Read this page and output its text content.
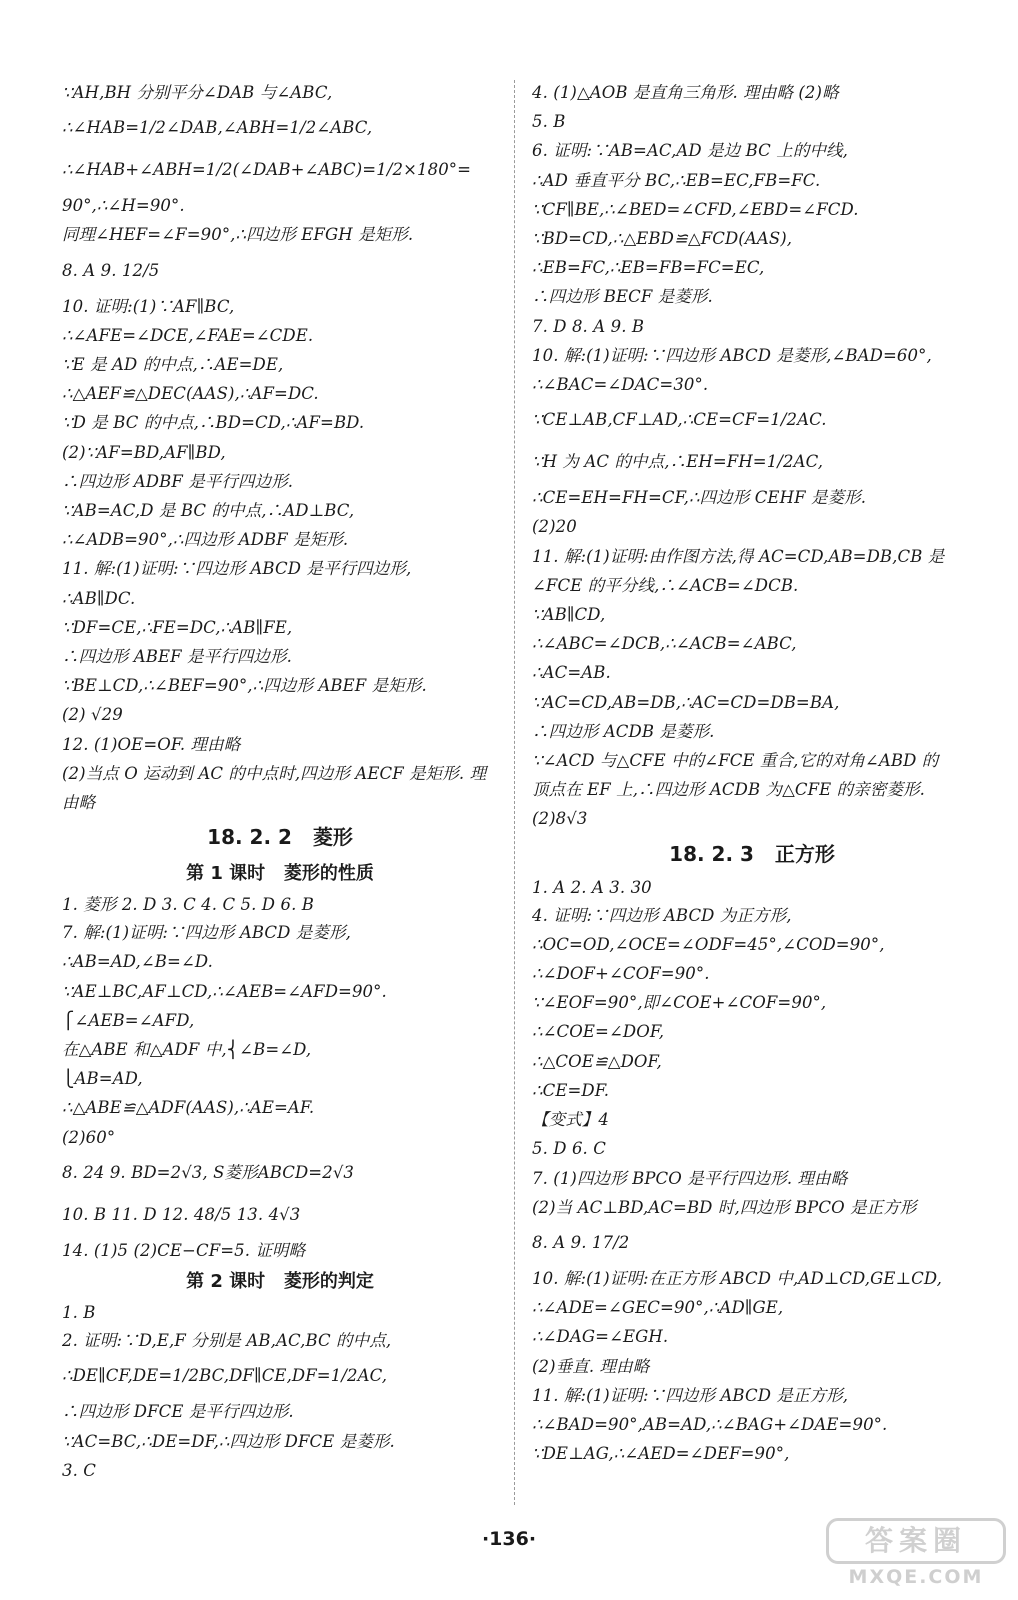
∵AH,BH 分别平分∠DAB 与∠ABC,
∴∠HAB=1/2∠DAB,∠ABH=1/2∠ABC,
∴∠HAB+∠ABH=1/2(∠DAB+∠ABC)=1/2×180°=
90°,∴∠H=90°.
同理∠HEF=∠F=90°,∴四边形 EFGH 是矩形.
8. A 9. 12/5
10. 证明:(1)∵AF∥BC,
∴∠AFE=∠DCE,∠FAE=∠CDE.
∵E 是 AD 的中点,∴AE=DE,
∴△AEF≌△DEC(AAS),∴AF=DC.
∵D 是 BC 的中点,∴BD=CD,∴AF=BD.
(2)∵AF=BD,AF∥BD,
∴四边形 ADBF 是平行四边形.
∵AB=AC,D 是 BC 的中点,∴AD⊥BC,
∴∠ADB=90°,∴四边形 ADBF 是矩形.
11. 解:(1)证明:∵四边形 ABCD 是平行四边形,
∴AB∥DC.
∵DF=CE,∴FE=DC,∴AB∥FE,
∴四边形 ABEF 是平行四边形.
∵BE⊥CD,∴∠BEF=90°,∴四边形 ABEF 是矩形.
(2) √29
12. (1)OE=OF. 理由略
(2)当点 O 运动到 AC 的中点时,四边形 AECF 是矩形. 理
由略
18. 2. 2   菱形
第 1 课时   菱形的性质
1. 菱形 2. D 3. C 4. C 5. D 6. B
7. 解:(1)证明:∵四边形 ABCD 是菱形,
∴AB=AD,∠B=∠D.
∵AE⊥BC,AF⊥CD,∴∠AEB=∠AFD=90°.
⎧∠AEB=∠AFD,
在△ABE 和△ADF 中,⎨∠B=∠D,
⎩AB=AD,
∴△ABE≌△ADF(AAS),∴AE=AF.
(2)60°
8. 24 9. BD=2√3, S菱形ABCD=2√3
10. B 11. D 12. 48/5 13. 4√3
14. (1)5 (2)CE−CF=5. 证明略
第 2 课时   菱形的判定
1. B
2. 证明:∵D,E,F 分别是 AB,AC,BC 的中点,
∴DE∥CF,DE=1/2BC,DF∥CE,DF=1/2AC,
∴四边形 DFCE 是平行四边形.
∵AC=BC,∴DE=DF,∴四边形 DFCE 是菱形.
3. C
4. (1)△AOB 是直角三角形. 理由略 (2)略
5. B
6. 证明:∵AB=AC,AD 是边 BC 上的中线,
∴AD 垂直平分 BC,∴EB=EC,FB=FC.
∵CF∥BE,∴∠BED=∠CFD,∠EBD=∠FCD.
∵BD=CD,∴△EBD≌△FCD(AAS),
∴EB=FC,∴EB=FB=FC=EC,
∴四边形 BECF 是菱形.
7. D 8. A 9. B
10. 解:(1)证明:∵四边形 ABCD 是菱形,∠BAD=60°,
∴∠BAC=∠DAC=30°.
∵CE⊥AB,CF⊥AD,∴CE=CF=1/2AC.
∵H 为 AC 的中点,∴EH=FH=1/2AC,
∴CE=EH=FH=CF,∴四边形 CEHF 是菱形.
(2)20
11. 解:(1)证明:由作图方法,得 AC=CD,AB=DB,CB 是
∠FCE 的平分线,∴∠ACB=∠DCB.
∵AB∥CD,
∴∠ABC=∠DCB,∴∠ACB=∠ABC,
∴AC=AB.
∵AC=CD,AB=DB,∴AC=CD=DB=BA,
∴四边形 ACDB 是菱形.
∵∠ACD 与△CFE 中的∠FCE 重合,它的对角∠ABD 的
顶点在 EF 上,∴四边形 ACDB 为△CFE 的亲密菱形.
(2)8√3
18. 2. 3   正方形
1. A 2. A 3. 30
4. 证明:∵四边形 ABCD 为正方形,
∴OC=OD,∠OCE=∠ODF=45°,∠COD=90°,
∴∠DOF+∠COF=90°.
∵∠EOF=90°,即∠COE+∠COF=90°,
∴∠COE=∠DOF,
∴△COE≌△DOF,
∴CE=DF.
【变式】4
5. D 6. C
7. (1)四边形 BPCO 是平行四边形. 理由略
(2)当 AC⊥BD,AC=BD 时,四边形 BPCO 是正方形
8. A 9. 17/2
10. 解:(1)证明:在正方形 ABCD 中,AD⊥CD,GE⊥CD,
∴∠ADE=∠GEC=90°,∴AD∥GE,
∴∠DAG=∠EGH.
(2)垂直. 理由略
11. 解:(1)证明:∵四边形 ABCD 是正方形,
∴∠BAD=90°,AB=AD,∴∠BAG+∠DAE=90°.
∵DE⊥AG,∴∠AED=∠DEF=90°,
·136·	答案圈
MXQE.COM
